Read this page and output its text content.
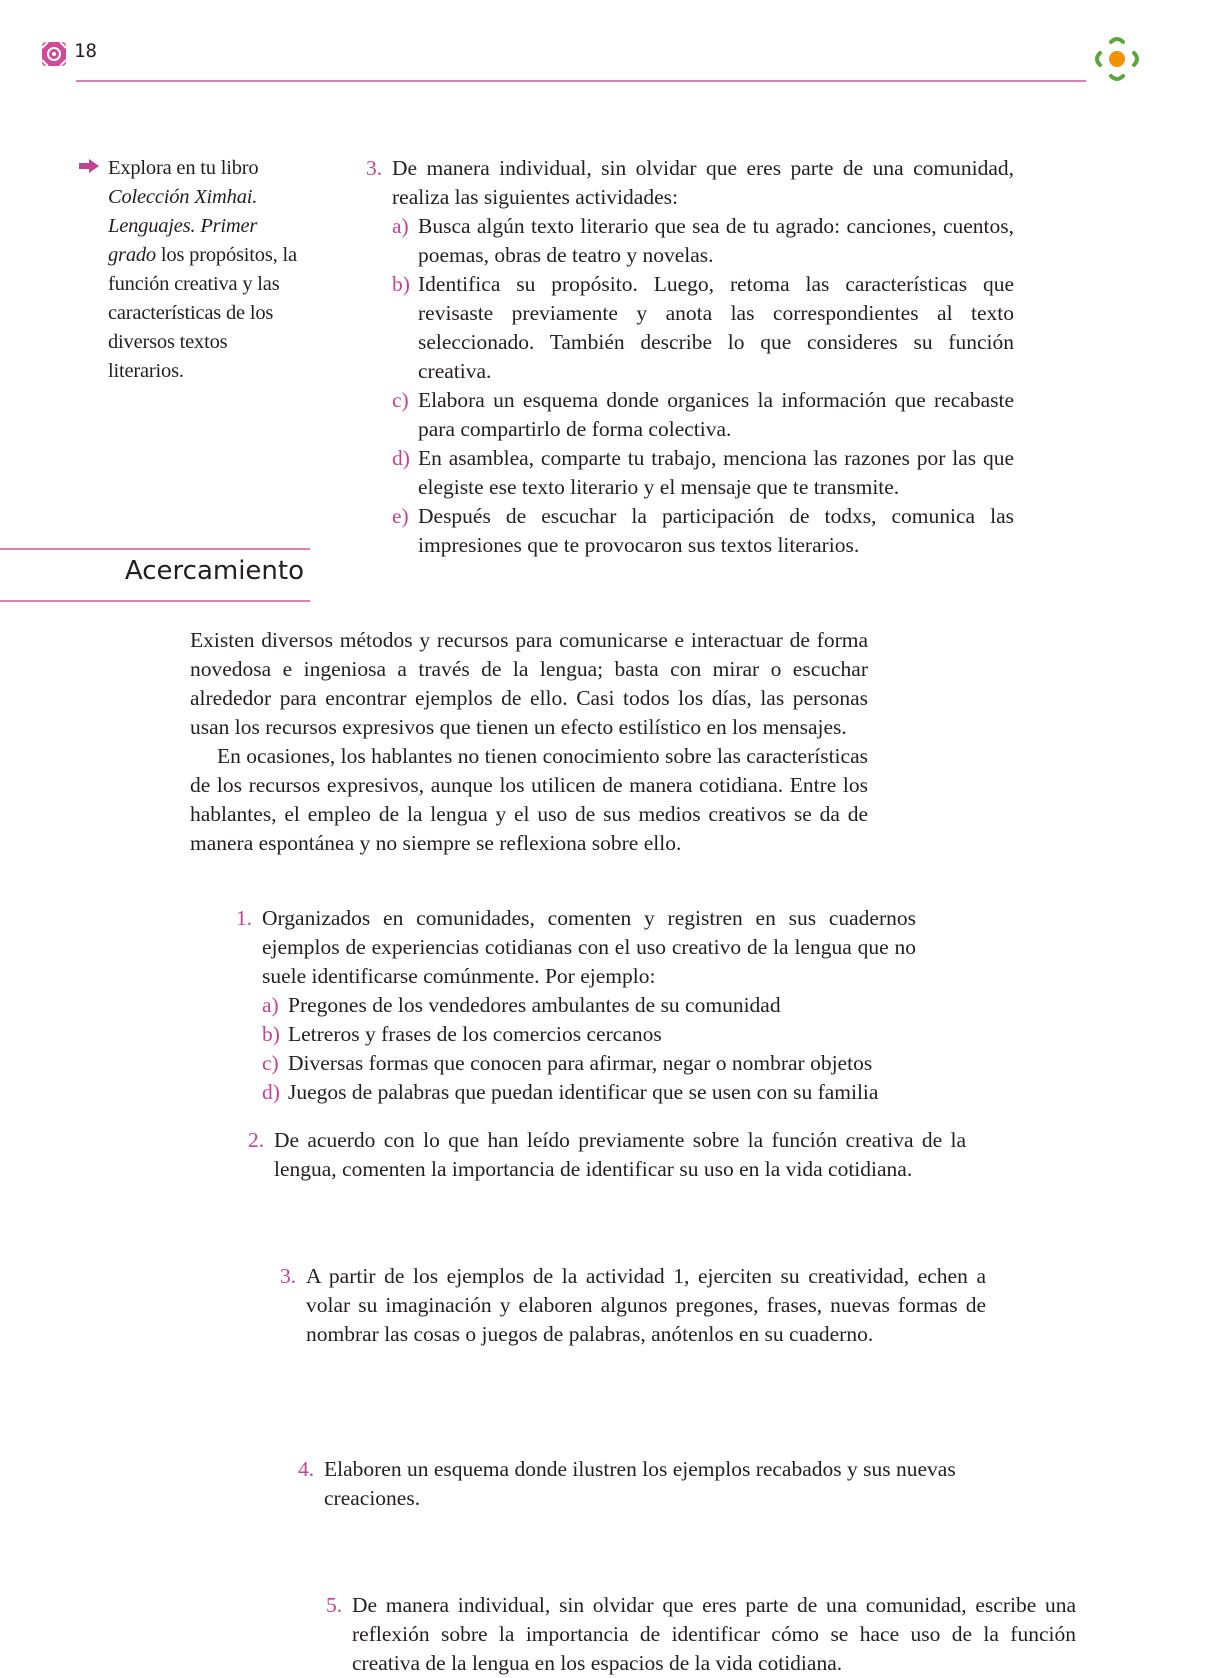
18
Explora en tu libro Colección Ximhai. Lenguajes. Primer grado los propósitos, la función creativa y las características de los diversos textos literarios.
3. De manera individual, sin olvidar que eres parte de una comunidad, realiza las siguientes actividades:
a) Busca algún texto literario que sea de tu agrado: canciones, cuentos, poemas, obras de teatro y novelas.
b) Identifica su propósito. Luego, retoma las características que revisaste previamente y anota las correspondientes al texto seleccionado. También describe lo que consideres su función creativa.
c) Elabora un esquema donde organices la información que recabaste para compartirlo de forma colectiva.
d) En asamblea, comparte tu trabajo, menciona las razones por las que elegiste ese texto literario y el mensaje que te transmite.
e) Después de escuchar la participación de todxs, comunica las impresiones que te provocaron sus textos literarios.
Acercamiento

Existen diversos métodos y recursos para comunicarse e interactuar de forma novedosa e ingeniosa a través de la lengua; basta con mirar o escuchar alrededor para encontrar ejemplos de ello. Casi todos los días, las personas usan los recursos expresivos que tienen un efecto estilístico en los mensajes.

En ocasiones, los hablantes no tienen conocimiento sobre las características de los recursos expresivos, aunque los utilicen de manera cotidiana. Entre los hablantes, el empleo de la lengua y el uso de sus medios creativos se da de manera espontánea y no siempre se reflexiona sobre ello.

1. Organizados en comunidades, comenten y registren en sus cuadernos ejemplos de experiencias cotidianas con el uso creativo de la lengua que no suele identificarse comúnmente. Por ejemplo:
a) Pregones de los vendedores ambulantes de su comunidad
b) Letreros y frases de los comercios cercanos
c) Diversas formas que conocen para afirmar, negar o nombrar objetos
d) Juegos de palabras que puedan identificar que se usen con su familia
2. De acuerdo con lo que han leído previamente sobre la función creativa de la lengua, comenten la importancia de identificar su uso en la vida cotidiana.
3. A partir de los ejemplos de la actividad 1, ejerciten su creatividad, echen a volar su imaginación y elaboren algunos pregones, frases, nuevas formas de nombrar las cosas o juegos de palabras, anótenlos en su cuaderno.
4. Elaboren un esquema donde ilustren los ejemplos recabados y sus nuevas creaciones.
5. De manera individual, sin olvidar que eres parte de una comunidad, escribe una reflexión sobre la importancia de identificar cómo se hace uso de la función creativa de la lengua en los espacios de la vida cotidiana.
